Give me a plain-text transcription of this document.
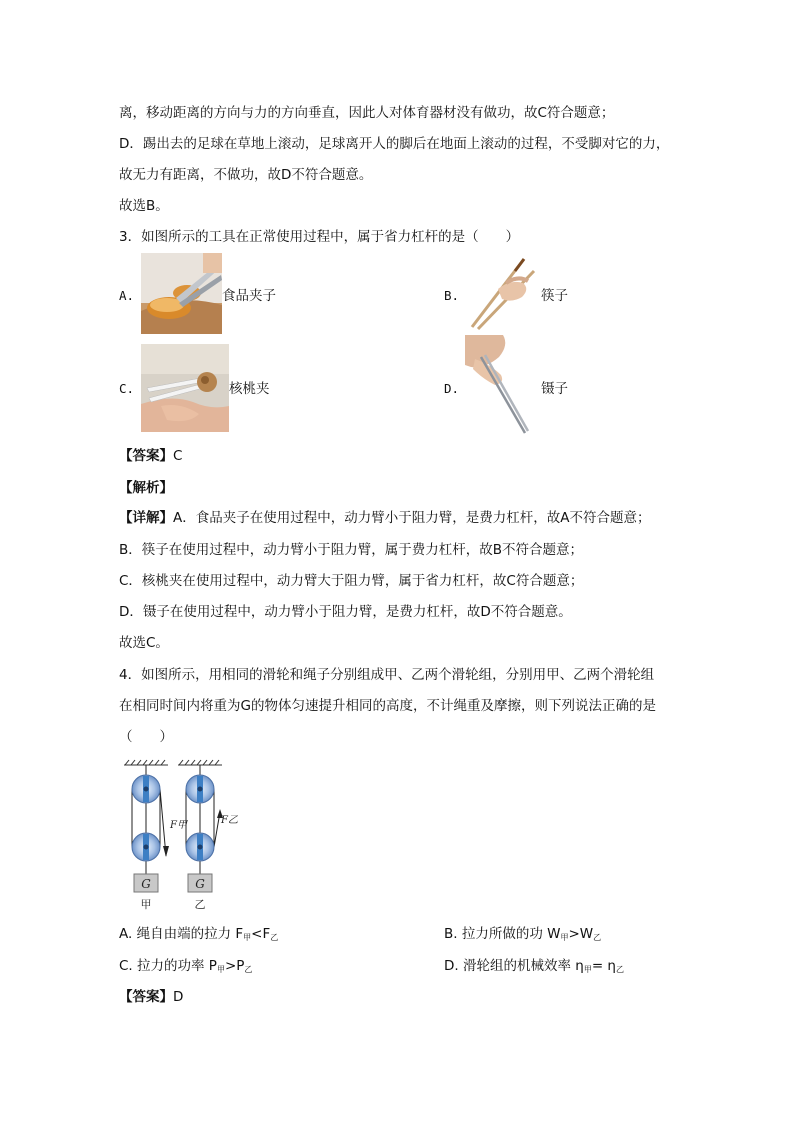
离，移动距离的方向与力的方向垂直，因此人对体育器材没有做功，故C符合题意；
D．踢出去的足球在草地上滚动，足球离开人的脚后在地面上滚动的过程，不受脚对它的力，
故无力有距离，不做功，故D不符合题意。
故选B。
3．如图所示的工具在正常使用过程中，属于省力杠杆的是（　　）
A.	食品夹子	B.	筷子
C.	核桃夹	D.	镊子
【答案】C
【解析】
【详解】A．食品夹子在使用过程中，动力臂小于阻力臂，是费力杠杆，故A不符合题意；
B．筷子在使用过程中，动力臂小于阻力臂，属于费力杠杆，故B不符合题意；
C．核桃夹在使用过程中，动力臂大于阻力臂，属于省力杠杆，故C符合题意；
D．镊子在使用过程中，动力臂小于阻力臂，是费力杠杆，故D不符合题意。
故选C。
4．如图所示，用相同的滑轮和绳子分别组成甲、乙两个滑轮组，分别用甲、乙两个滑轮组
在相同时间内将重为G的物体匀速提升相同的高度，不计绳重及摩擦，则下列说法正确的是
（　　）
G	G
F甲	F乙
甲	乙
A. 绳自由端的拉力 $F_甲<F_乙$	B. 拉力所做的功 $W_甲>W_乙$
C. 拉力的功率 $P_甲>P_乙$	D. 滑轮组的机械效率 $\eta_甲= \eta_乙$
【答案】D
